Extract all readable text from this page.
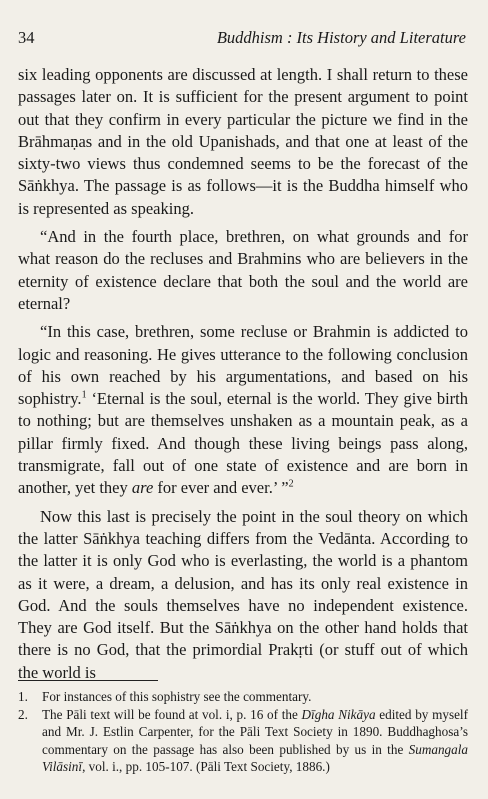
34	Buddhism : Its History and Literature

six leading opponents are discussed at length. I shall return to these passages later on. It is sufficient for the present argument to point out that they confirm in every particular the picture we find in the Brāhmaṇas and in the old Upanishads, and that one at least of the sixty-two views thus condemned seems to be the forecast of the Sāṅkhya. The passage is as follows—it is the Buddha himself who is represented as speaking.

“And in the fourth place, brethren, on what grounds and for what reason do the recluses and Brahmins who are believers in the eternity of existence declare that both the soul and the world are eternal?

“In this case, brethren, some recluse or Brahmin is addicted to logic and reasoning. He gives utterance to the following conclusion of his own reached by his argumentations, and based on his sophistry.$^1$ ‘Eternal is the soul, eternal is the world. They give birth to nothing; but are themselves unshaken as a mountain peak, as a pillar firmly fixed. And though these living beings pass along, transmigrate, fall out of one state of existence and are born in another, yet they are for ever and ever.’ ”$^2$

Now this last is precisely the point in the soul theory on which the latter Sāṅkhya teaching differs from the Vedānta. According to the latter it is only God who is everlasting, the world is a phantom as it were, a dream, a delusion, and has its only real existence in God. And the souls themselves have no independent existence. They are God itself. But the Sāṅkhya on the other hand holds that there is no God, that the primordial Prakṛti (or stuff out of which the world is

1. For instances of this sophistry see the commentary.

2. The Pāli text will be found at vol. i, p. 16 of the Dīgha Nikāya edited by myself and Mr. J. Estlin Carpenter, for the Pāli Text Society in 1890. Buddhaghosa’s commentary on the passage has also been published by us in the Sumangala Vilāsinī, vol. i., pp. 105-107. (Pāli Text Society, 1886.)
